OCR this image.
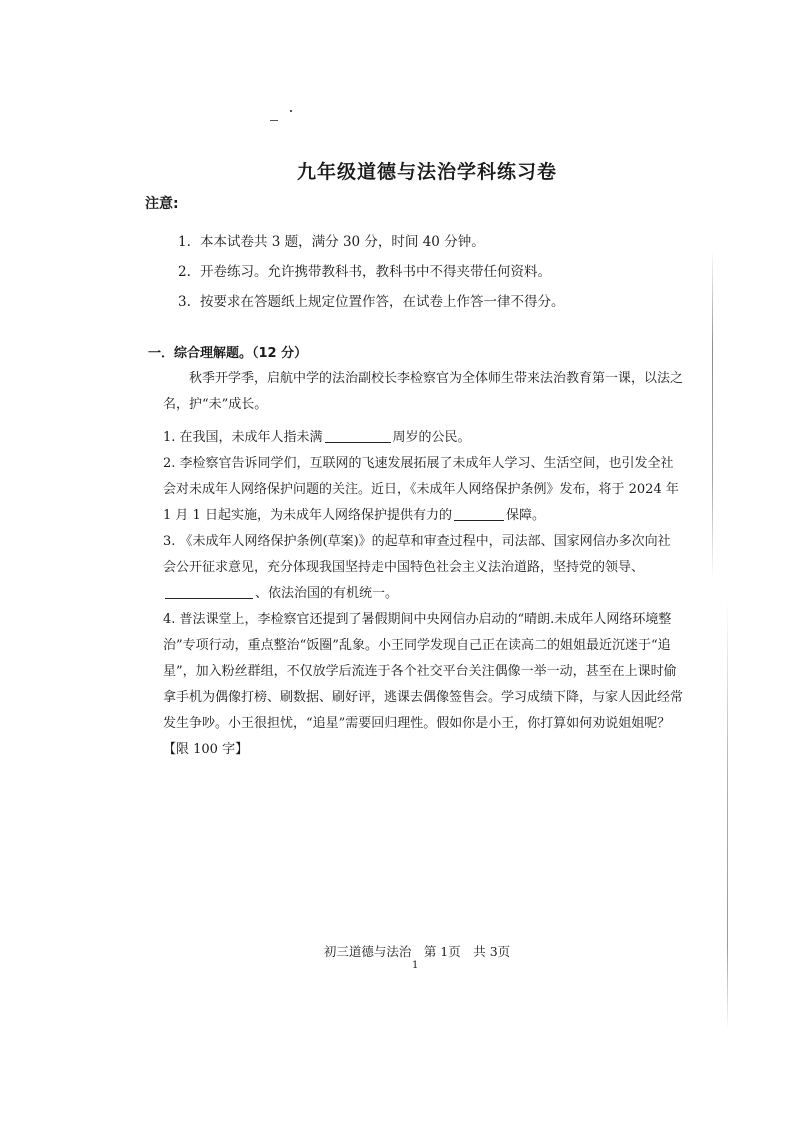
九年级道德与法治学科练习卷
注意:
1. 本本试卷共 3 题，满分 30 分，时间 40 分钟。
2. 开卷练习。允许携带教科书，教科书中不得夹带任何资料。
3. 按要求在答题纸上规定位置作答，在试卷上作答一律不得分。
一．综合理解题。（12 分）
秋季开学季，启航中学的法治副校长李检察官为全体师生带来法治教育第一课，以法之名，护“未”成长。
1. 在我国，未成年人指未满	周岁的公民。
2. 李检察官告诉同学们，互联网的飞速发展拓展了未成年人学习、生活空间，也引发全社会对未成年人网络保护问题的关注。近日，《未成年人网络保护条例》发布，将于 2024 年 1 月 1 日起实施，为未成年人网络保护提供有力的	保障。
3. 《未成年人网络保护条例(草案)》的起草和审查过程中，司法部、国家网信办多次向社会公开征求意见，充分体现我国坚持走中国特色社会主义法治道路，坚持党的领导、、依法治国的有机统一。
4. 普法课堂上，李检察官还提到了暑假期间中央网信办启动的“晴朗.未成年人网络环境整治”专项行动，重点整治“饭圈”乱象。小王同学发现自己正在读高二的姐姐最近沉迷于“追星”，加入粉丝群组，不仅放学后流连于各个社交平台关注偶像一举一动，甚至在上课时偷拿手机为偶像打榜、刷数据、刷好评，逃课去偶像签售会。学习成绩下降，与家人因此经常发生争吵。小王很担忧，“追星”需要回归理性。假如你是小王，你打算如何劝说姐姐呢？【限 100 字】
初三道德与法治　第 1页　共 3页
1
